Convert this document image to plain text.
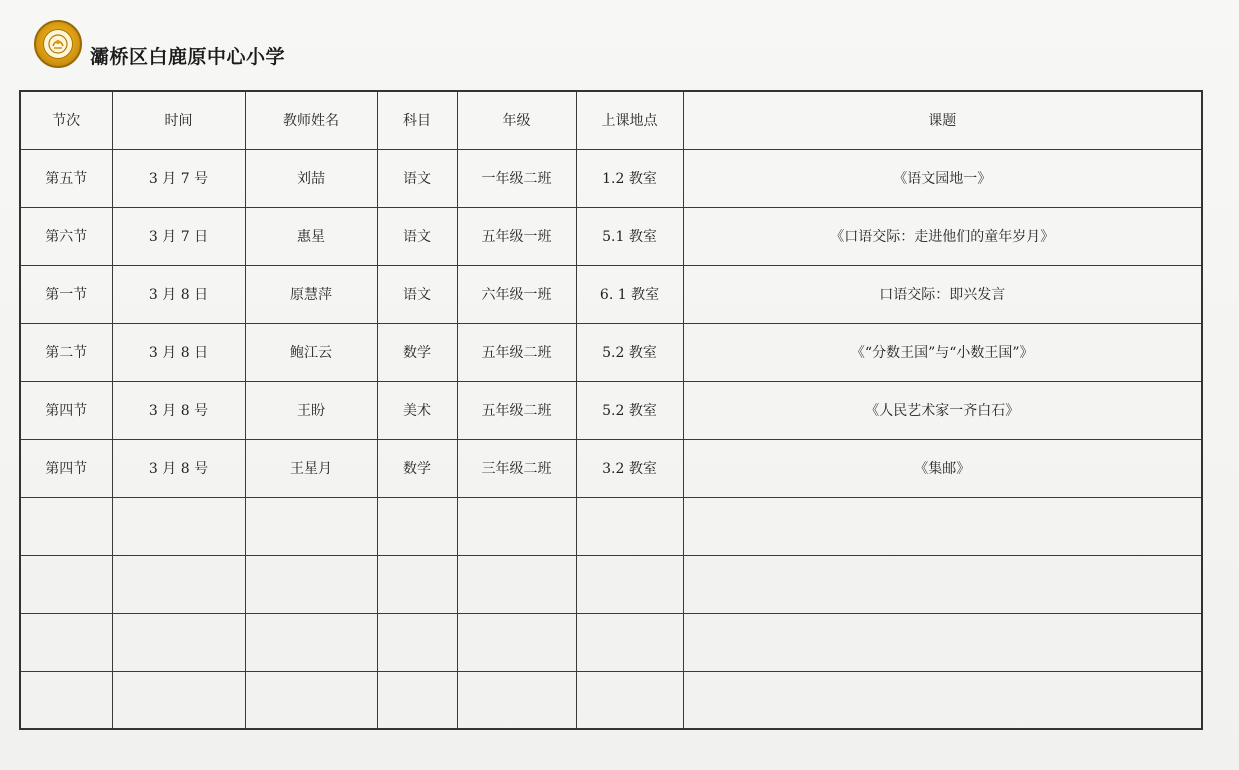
灞桥区白鹿原中心小学
节次	时间	教师姓名	科目	年级	上课地点	课题
第五节	3 月 7 号	刘喆	语文	一年级二班	1.2 教室	《语文园地一》
第六节	3 月 7 日	惠星	语文	五年级一班	5.1 教室	《口语交际：走进他们的童年岁月》
第一节	3 月 8 日	原慧萍	语文	六年级一班	6. 1 教室	口语交际：即兴发言
第二节	3 月 8 日	鲍江云	数学	五年级二班	5.2 教室	《“分数王国”与“小数王国”》
第四节	3 月 8 号	王盼	美术	五年级二班	5.2 教室	《人民艺术家一齐白石》
第四节	3 月 8 号	王星月	数学	三年级二班	3.2 教室	《集邮》
